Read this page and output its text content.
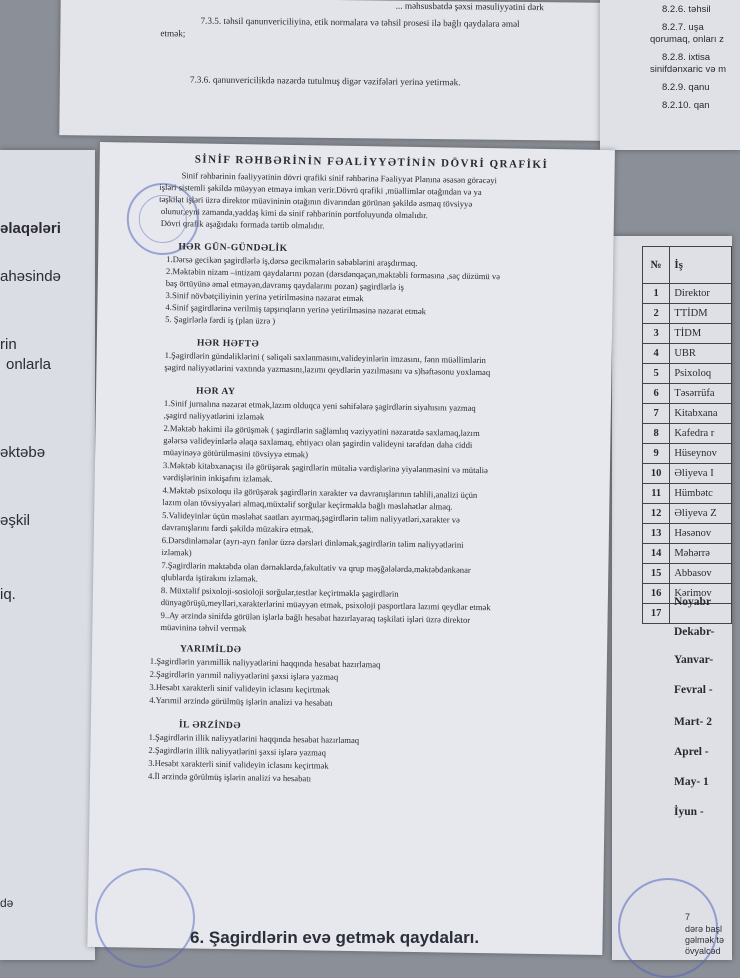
... məhsusbatdə şəxsi məsuliyyətini dərk
7.3.5. təhsil qanunvericiliyinə, etik normalara və təhsil prosesi ilə bağlı qaydalara əməl
etmək;
7.3.6. qanunvericilikdə nəzərdə tutulmuş digər vəzifələri yerinə yetirmək.
8.2.6. təhsil
8.2.7. uşa
qorumaq, onları z
8.2.8. ixtisa
sinifdənxaric və m
8.2.9. qanu
8.2.10. qan
əlaqələri
ahəsində
rin
onlarla
əktəbə
əşkil
iq.
də
№	İş
1	Direktor
2	TTİDM
3	TİDM
4	UBR
5	Psixoloq
6	Təsərrüfa
7	Kitabxana
8	Kafedra r
9	Hüseynov
10	Əliyeva I
11	Hümbətc
12	Əliyeva Z
13	Həsənov
14	Məhərrə
15	Abbasov
16	Kərimov
17	
Noyabr
Dekabr-
Yanvar-
Fevral -
Mart- 2
Aprel -
May- 1
İyun -
SİNİF RƏHBƏRİNİN FƏALİYYƏTİNİN DÖVRİ QRAFİKİ
Sinif rəhbərinin fəaliyyətinin dövri qrafiki sinif rəhbərinə Fəaliyyət Planına əsasən görəcəyi
işləri sistemli şəkildə müəyyən etməyə imkan verir.Dövrü qrafiki ,müəllimlər otağından və ya
təşkilat işləri üzrə direktor müavininin otağının divarından görünən şəkildə asmaq tövsiyyə
olunur,eyni zamanda,yaddaş kimi də sinif rəhbərinin portfoluyunda olmalıdır.
Dövri qrafik aşağıdakı formada tərtib olmalıdır.
HƏR GÜN-GÜNDƏLİK
1.Dərsə gecikən şagirdlərlə iş,dərsə gecikmələrin səbəblərini araşdırmaq.
2.Məktəbin nizam –intizam qaydalarını pozan (dərsdənqaçan,məktəbli formasına ,saç düzümü və
baş örtüyünə əməl etməyən,davranış qaydalarını pozan) şagirdlərlə iş
3.Sinif növbətçiliyinin yerinə yetirilməsinə nəzarət etmək
4.Sinif şagirdlərinə verilmiş tapşırıqların yerinə yetirilməsinə nəzarət etmək
5. Şagirlərlə fərdi iş (plan üzrə )
HƏR HƏFTƏ
1.Şagirdlərin gündəliklərini ( səliqəli saxlanmasını,valideyinlərin imzasını, fənn müəllimlərin
şagird naliyyətlərini vaxtında yazmasını,lazımı qeydlərin yazılmasını və s)həftəsonu yoxlamaq
HƏR AY
1.Sinif jurnalına nəzarət etmək,lazım olduqca yeni səhifələrə şagirdlərin siyahısını yazmaq
,şagird naliyyətlərini izləmək
2.Məktəb həkimi ilə görüşmək ( şagirdlərin sağlamlıq vəziyyətini nəzarətdə saxlamaq,lazım
gələrsə valideyinlərlə əlaqə saxlamaq, ehtiyacı olan şagirdin valideyni tərəfdən daha ciddi
müayinəyə götürülməsini tövsiyyə etmək)
3.Məktəb kitabxanaçısı ilə görüşərək şagirdlərin mütaliə vərdişlərinə yiyələnməsini və mütaliə
vərdişlərinin inkişafını izləmək.
4.Məktəb psixoloqu ilə görüşərək şagirdlərin xarakter və davranışlarının təhlili,analizi üçün
lazım olan tövsiyyələri almaq,müxtəlif sorğular keçirməklə bağlı məsləhətlər almaq.
5.Valideyinlər üçün məsləhət saatları ayırmaq,şagirdlərin təlim naliyyətləri,xarakter və
davranışlarını fərdi şəkildə müzakirə etmək.
6.Dərsdinləmələr (ayrı-ayrı fənlər üzrə dərsləri dinləmək,şagirdlərin təlim naliyyətlərini
izləmək)
7.Şagirdlərin məktəbdə olan dərnəklərdə,fakultativ və qrup məşğələlərdə,məktəbdənkənar
qlublarda iştirakını izləmək.
8. Müxtəlif psixoloji-sosioloji sorğular,testlər keçirtməklə şagirdlərin
dünyagörüşü,meylləri,xarakterlərini müəyyən etmək, psixoloji pasportlara lazımi qeydlər etmək
9..Ay ərzində sinifdə görülən işlərlə bağlı hesabat hazırlayaraq təşkilati işləri üzrə direktor
müavininə təhvil vermək
YARIMİLDƏ
1.Şagirdlərin yarımillik naliyyətlərini haqqında hesabat hazırlamaq
2.Şagirdlərin yarımil naliyyətlərini şəxsi işlərə yazmaq
3.Hesabt xarakterli sinif valideyin iclasını keçirtmək
4.Yarımil ərzində görülmüş işlərin analizi və hesabatı
İL ƏRZİNDƏ
1.Şagirdlərin illik naliyyətlərini haqqında hesabat hazırlamaq
2.Şagirdlərin illik naliyyətlərini şəxsi işlərə yazmaq
3.Hesabt xarakterli sinif valideyin iclasını keçirtmək
4.İl ərzində görülmüş işlərin analizi və hesabatı
6. Şagirdlərin evə getmək qaydaları.
7
dərə başl
gəlmək tə
övyalcəd
